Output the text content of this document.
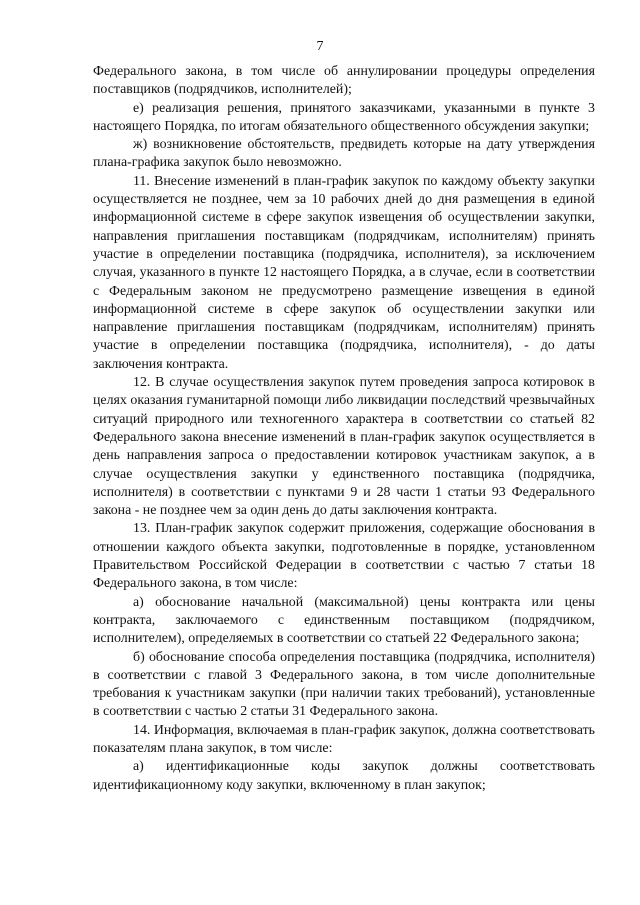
7

Федерального закона, в том числе об аннулировании процедуры определения поставщиков (подрядчиков, исполнителей);

е) реализация решения, принятого заказчиками, указанными в пункте 3 настоящего Порядка, по итогам обязательного общественного обсуждения закупки;

ж) возникновение обстоятельств, предвидеть которые на дату утверждения плана-графика закупок было невозможно.

11. Внесение изменений в план-график закупок по каждому объекту закупки осуществляется не позднее, чем за 10 рабочих дней до дня размещения в единой информационной системе в сфере закупок извещения об осуществлении закупки, направления приглашения поставщикам (подрядчикам, исполнителям) принять участие в определении поставщика (подрядчика, исполнителя), за исключением случая, указанного в пункте 12 настоящего Порядка, а в случае, если в соответствии с Федеральным законом не предусмотрено размещение извещения в единой информационной системе в сфере закупок об осуществлении закупки или направление приглашения поставщикам (подрядчикам, исполнителям) принять участие в определении поставщика (подрядчика, исполнителя), - до даты заключения контракта.

12. В случае осуществления закупок путем проведения запроса котировок в целях оказания гуманитарной помощи либо ликвидации последствий чрезвычайных ситуаций природного или техногенного характера в соответствии со статьей 82 Федерального закона внесение изменений в план-график закупок осуществляется в день направления запроса о предоставлении котировок участникам закупок, а в случае осуществления закупки у единственного поставщика (подрядчика, исполнителя) в соответствии с пунктами 9 и 28 части 1 статьи 93 Федерального закона - не позднее чем за один день до даты заключения контракта.

13. План-график закупок содержит приложения, содержащие обоснования в отношении каждого объекта закупки, подготовленные в порядке, установленном Правительством Российской Федерации в соответствии с частью 7 статьи 18 Федерального закона, в том числе:

а) обоснование начальной (максимальной) цены контракта или цены контракта, заключаемого с единственным поставщиком (подрядчиком, исполнителем), определяемых в соответствии со статьей 22 Федерального закона;

б) обоснование способа определения поставщика (подрядчика, исполнителя) в соответствии с главой 3 Федерального закона, в том числе дополнительные требования к участникам закупки (при наличии таких требований), установленные в соответствии с частью 2 статьи 31 Федерального закона.

14. Информация, включаемая в план-график закупок, должна соответствовать показателям плана закупок, в том числе:

а) идентификационные коды закупок должны соответствовать идентификационному коду закупки, включенному в план закупок;
